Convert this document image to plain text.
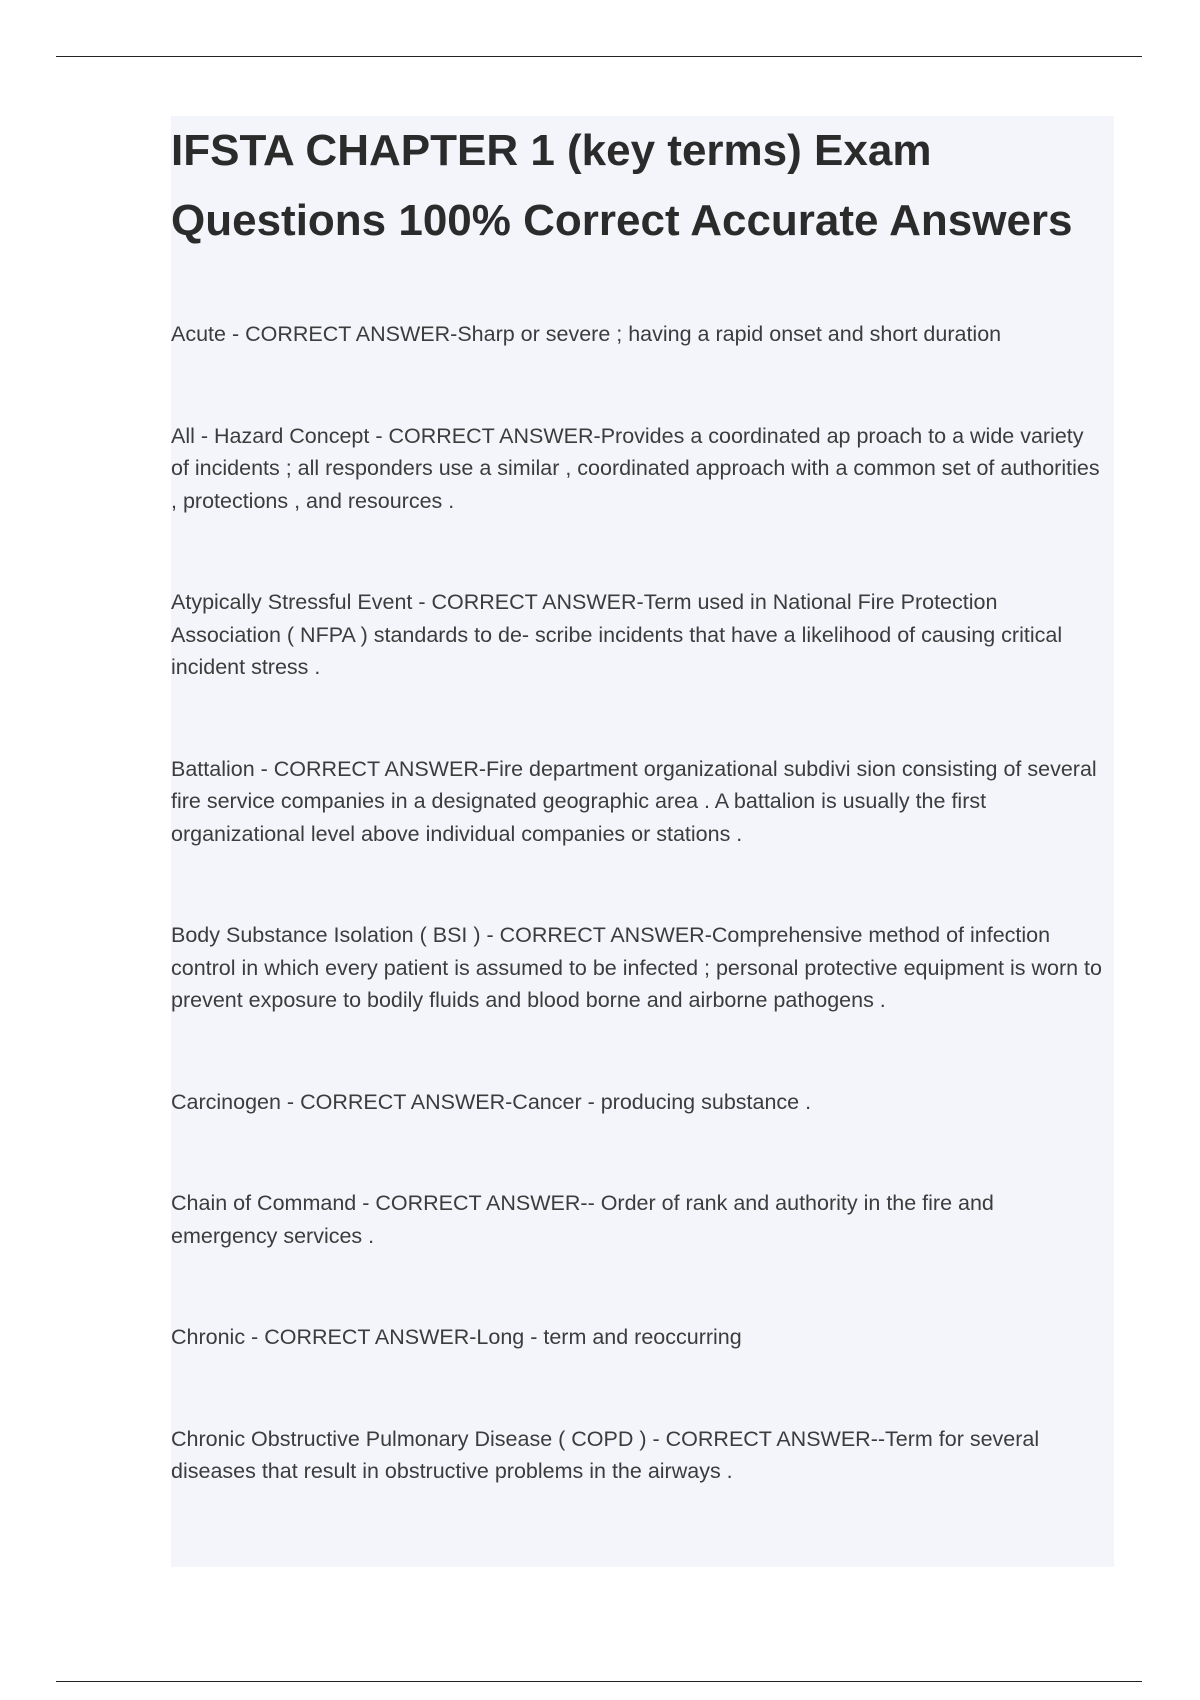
IFSTA CHAPTER 1 (key terms) Exam Questions 100% Correct Accurate Answers

Acute - CORRECT ANSWER-Sharp or severe ; having a rapid onset and short duration

All - Hazard Concept - CORRECT ANSWER-Provides a coordinated ap proach to a wide variety of incidents ; all responders use a similar , coordinated approach with a common set of authorities , protections , and resources .

Atypically Stressful Event - CORRECT ANSWER-Term used in National Fire Protection Association ( NFPA ) standards to de- scribe incidents that have a likelihood of causing critical incident stress .

Battalion - CORRECT ANSWER-Fire department organizational subdivi sion consisting of several fire service companies in a designated geographic area . A battalion is usually the first organizational level above individual companies or stations .

Body Substance Isolation ( BSI ) - CORRECT ANSWER-Comprehensive method of infection control in which every patient is assumed to be infected ; personal protective equipment is worn to prevent exposure to bodily fluids and blood borne and airborne pathogens .

Carcinogen - CORRECT ANSWER-Cancer - producing substance .

Chain of Command - CORRECT ANSWER-- Order of rank and authority in the fire and emergency services .

Chronic - CORRECT ANSWER-Long - term and reoccurring

Chronic Obstructive Pulmonary Disease ( COPD ) - CORRECT ANSWER--Term for several diseases that result in obstructive problems in the airways .
